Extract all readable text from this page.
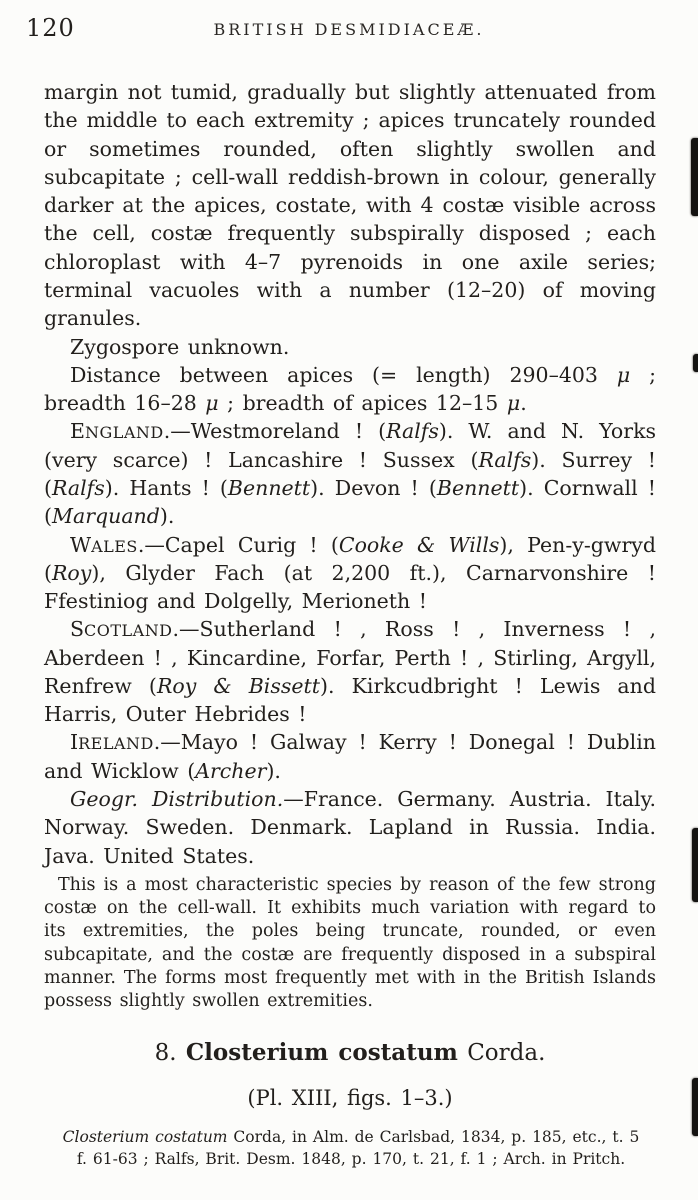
120	BRITISH DESMIDIACEÆ.

margin not tumid, gradually but slightly attenuated from the middle to each extremity ; apices truncately rounded or sometimes rounded, often slightly swollen and subcapitate ; cell-wall reddish-brown in colour, generally darker at the apices, costate, with 4 costæ visible across the cell, costæ frequently subspirally disposed ; each chloroplast with 4–7 pyrenoids in one axile series; terminal vacuoles with a number (12–20) of moving granules.

Zygospore unknown.

Distance between apices (= length) 290–403 μ ; breadth 16–28 μ ; breadth of apices 12–15 μ.

ENGLAND.—Westmoreland ! (Ralfs). W. and N. Yorks (very scarce) ! Lancashire ! Sussex (Ralfs). Surrey ! (Ralfs). Hants ! (Bennett). Devon ! (Bennett). Cornwall ! (Marquand).

WALES.—Capel Curig ! (Cooke & Wills), Pen-y-gwryd (Roy), Glyder Fach (at 2,200 ft.), Carnarvonshire ! Ffestiniog and Dolgelly, Merioneth !

SCOTLAND.—Sutherland ! , Ross ! , Inverness ! , Aberdeen ! , Kincardine, Forfar, Perth ! , Stirling, Argyll, Renfrew (Roy & Bissett). Kirkcudbright ! Lewis and Harris, Outer Hebrides !

IRELAND.—Mayo ! Galway ! Kerry ! Donegal ! Dublin and Wicklow (Archer).

Geogr. Distribution.—France. Germany. Austria. Italy. Norway. Sweden. Denmark. Lapland in Russia. India. Java. United States.

This is a most characteristic species by reason of the few strong costæ on the cell-wall. It exhibits much variation with regard to its extremities, the poles being truncate, rounded, or even subcapitate, and the costæ are frequently disposed in a subspiral manner. The forms most frequently met with in the British Islands possess slightly swollen extremities.

8. Closterium costatum Corda.

(Pl. XIII, figs. 1–3.)

Closterium costatum Corda, in Alm. de Carlsbad, 1834, p. 185, etc., t. 5 f. 61-63 ; Ralfs, Brit. Desm. 1848, p. 170, t. 21, f. 1 ; Arch. in Pritch.
